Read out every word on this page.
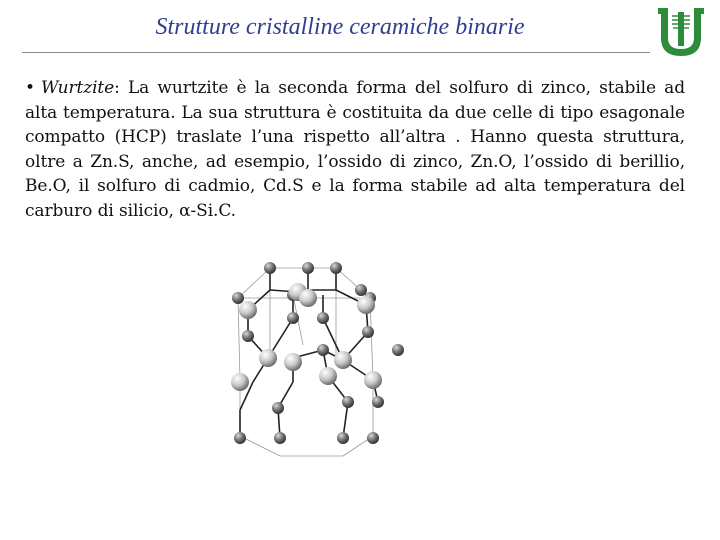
Strutture cristalline ceramiche binarie
• Wurtzite: La wurtzite è la seconda forma del solfuro di zinco, stabile ad alta temperatura. La sua struttura è costituita da due celle di tipo esagonale compatto (HCP) traslate l’una rispetto all’altra . Hanno questa struttura, oltre a Zn.S, anche, ad esempio, l’ossido di zinco, Zn.O, l’ossido di berillio, Be.O, il solfuro di cadmio, Cd.S e la forma stabile ad alta temperatura del carburo di silicio, α-Si.C.
